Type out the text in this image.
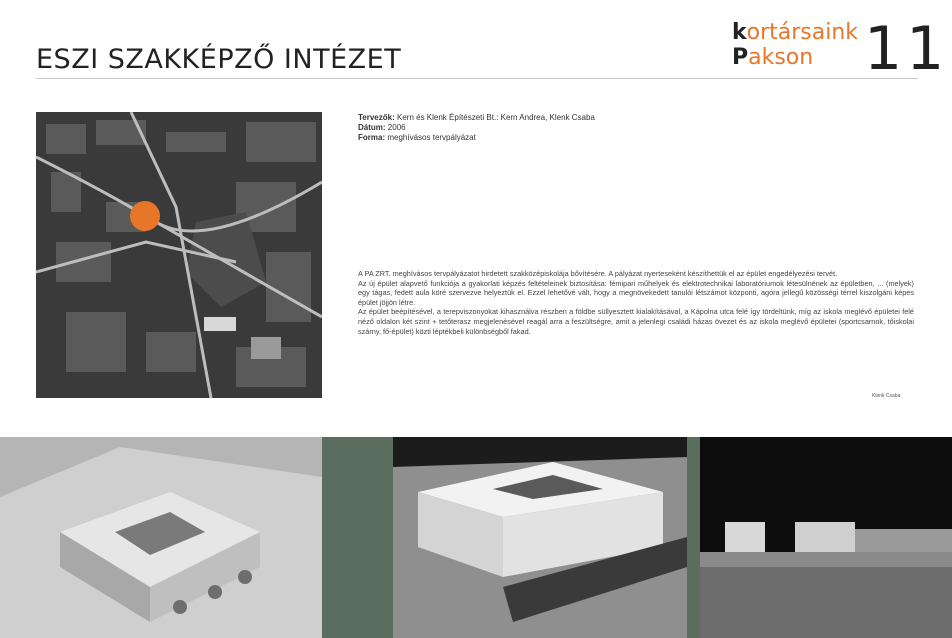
ESZI SZAKKÉPZŐ INTÉZET
kortársaink
Pakson 11
Tervezők: Kern és Klenk Építészeti Bt.: Kern Andrea, Klenk Csaba
Dátum: 2006
Forma: meghívásos tervpályázat

A PA ZRT. meghívásos tervpályázatot hirdetett szakközépiskolája bővítésére. A pályázat nyerteseként készíthettük el az épület engedélyezési tervét.

Az új épület alapvető funkciója a gyakorlati képzés feltételeinek biztosítása: fémipari műhelyek és elektrotechnikai laboratóriumok létesülnének az épületben, ... (melyek) egy tágas, fedett aula köré szervezve helyeztük el. Ezzel lehetővé vált, hogy a megnövekedett tanulói létszámot központi, agóra jellegű közösségi térrel kiszolgáni képes épület jöjjön létre.

Az épület beépítésével, a terepviszonyokat kihasználva részben a földbe süllyesztett kialakításával, a Kápolna utca felé így tördeltünk, míg az iskola meglévő épületei felé néző oldalon két szint + tetőterasz megjelenésével reagál arra a feszültségre, amit a jelenlegi családi házas övezet és az iskola meglévő épületei (sportcsarnok, tőiskolai szárny, fő-épület) közti léptékbeli különbségből fakad.

Klenk Csaba
